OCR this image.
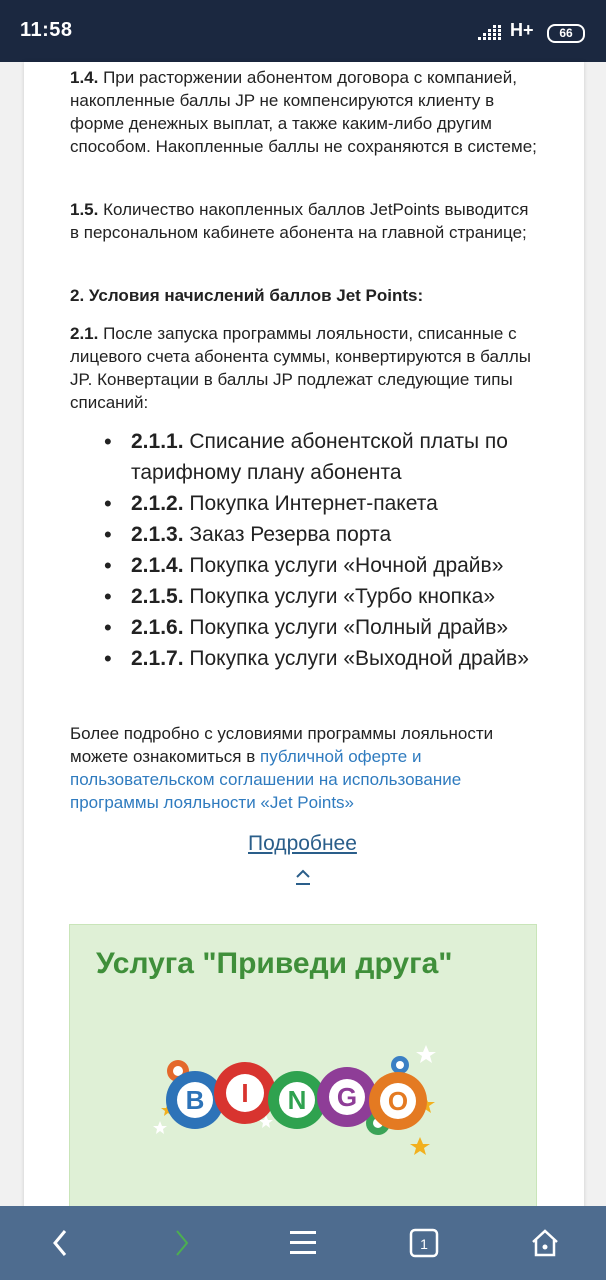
11:58	H+	66

1.4. При расторжении абонентом договора с компанией, накопленные баллы JP не компенсируются клиенту в форме денежных выплат, а также каким-либо другим способом. Накопленные баллы не сохраняются в системе;

1.5. Количество накопленных баллов JetPoints выводится в персональном кабинете абонента на главной странице;

2. Условия начислений баллов Jet Points:

2.1. После запуска программы лояльности, списанные с лицевого счета абонента суммы, конвертируются в баллы JP. Конвертации в баллы JP подлежат следующие типы списаний:

• 2.1.1. Списание абонентской платы по тарифному плану абонента
• 2.1.2. Покупка Интернет-пакета
• 2.1.3. Заказ Резерва порта
• 2.1.4. Покупка услуги «Ночной драйв»
• 2.1.5. Покупка услуги «Турбо кнопка»
• 2.1.6. Покупка услуги «Полный драйв»
• 2.1.7. Покупка услуги «Выходной драйв»

Более подробно с условиями программы лояльности можете ознакомиться в публичной оферте и пользовательском соглашении на использование программы лояльности «Jet Points»

Подробнее
Услуга "Приведи друга"
B I N G O
1
